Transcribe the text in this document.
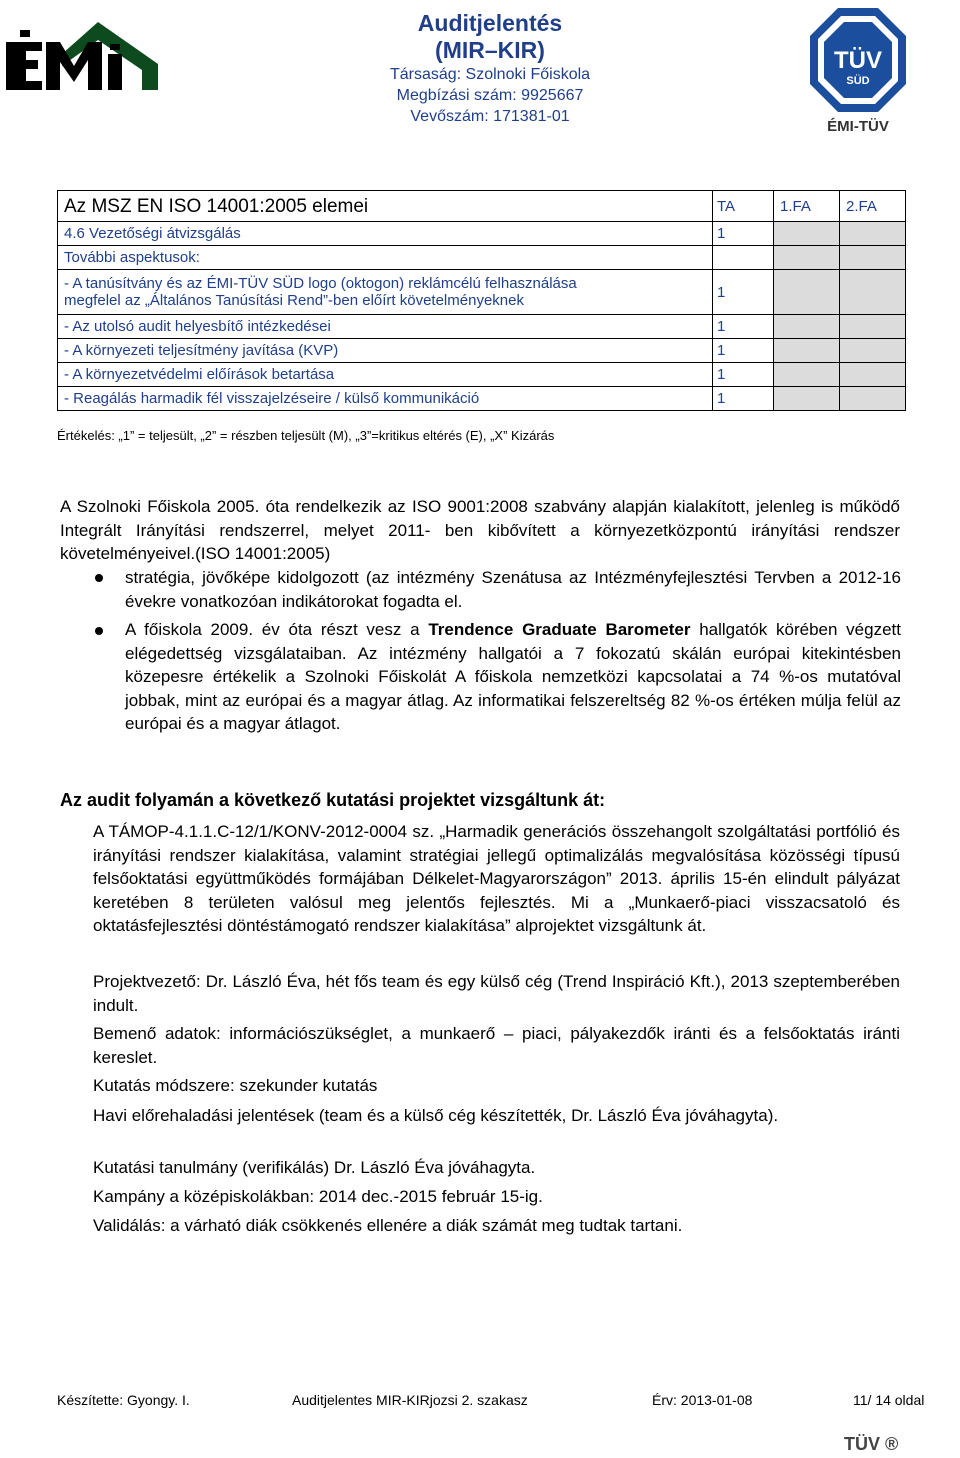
Auditjelentés
(MIR–KIR)
Társaság: Szolnoki Főiskola
Megbízási szám: 9925667
Vevőszám: 171381-01
TÜV
SÜD
ÉMI-TÜV
Az MSZ EN ISO 14001:2005 elemei	TA	1.FA	2.FA
4.6 Vezetőségi átvizsgálás	1		
További aspektusok:			

- A tanúsítvány és az ÉMI-TÜV SÜD logo (oktogon) reklámcélú felhasználása
megfelel az „Általános Tanúsítási Rend”-ben előírt követelményeknek	1		
- Az utolsó audit helyesbítő intézkedései	1		
- A környezeti teljesítmény javítása (KVP)	1		
- A környezetvédelmi előírások betartása	1		
- Reagálás harmadik fél visszajelzéseire / külső kommunikáció	1		
Értékelés: „1” = teljesült, „2” = részben teljesült (M), „3”=kritikus eltérés (E), „X” Kizárás
A Szolnoki Főiskola 2005. óta rendelkezik az ISO 9001:2008 szabvány alapján kialakított, jelenleg is működő Integrált Irányítási rendszerrel, melyet 2011- ben kibővített a környezetközpontú irányítási rendszer követelményeivel.(ISO 14001:2005)
stratégia, jövőképe kidolgozott (az intézmény Szenátusa az Intézményfejlesztési Tervben a 2012-16 évekre vonatkozóan indikátorokat fogadta el.
A főiskola 2009. év óta részt vesz a Trendence Graduate Barometer hallgatók körében végzett elégedettség vizsgálataiban. Az intézmény hallgatói a 7 fokozatú skálán európai kitekintésben közepesre értékelik a Szolnoki Főiskolát A főiskola nemzetközi kapcsolatai a 74 %-os mutatóval jobbak, mint az európai és a magyar átlag. Az informatikai felszereltség 82 %-os értéken múlja felül az európai és a magyar átlagot.
Az audit folyamán a következő kutatási projektet vizsgáltunk át:
A TÁMOP-4.1.1.C-12/1/KONV-2012-0004 sz. „Harmadik generációs összehangolt szolgáltatási portfólió és irányítási rendszer kialakítása, valamint stratégiai jellegű optimalizálás megvalósítása közösségi típusú felsőoktatási együttműködés formájában Délkelet-Magyarországon” 2013. április 15-én elindult pályázat keretében 8 területen valósul meg jelentős fejlesztés. Mi a „Munkaerő-piaci visszacsatoló és oktatásfejlesztési döntéstámogató rendszer kialakítása” alprojektet vizsgáltunk át.
Projektvezető: Dr. László Éva, hét fős team és egy külső cég (Trend Inspiráció Kft.), 2013 szeptemberében indult.
Bemenő adatok: információszükséglet, a munkaerő – piaci, pályakezdők iránti és a felsőoktatás iránti kereslet.
Kutatás módszere: szekunder kutatás
Havi előrehaladási jelentések (team és a külső cég készítették, Dr. László Éva jóváhagyta).
Kutatási tanulmány (verifikálás) Dr. László Éva jóváhagyta.
Kampány a középiskolákban: 2014 dec.-2015 február 15-ig.
Validálás: a várható diák csökkenés ellenére a diák számát meg tudtak tartani.
Készítette: Gyongy. I.	Auditjelentes MIR-KIRjozsi 2. szakasz	Érv: 2013-01-08	11/ 14 oldal
TÜV ®
